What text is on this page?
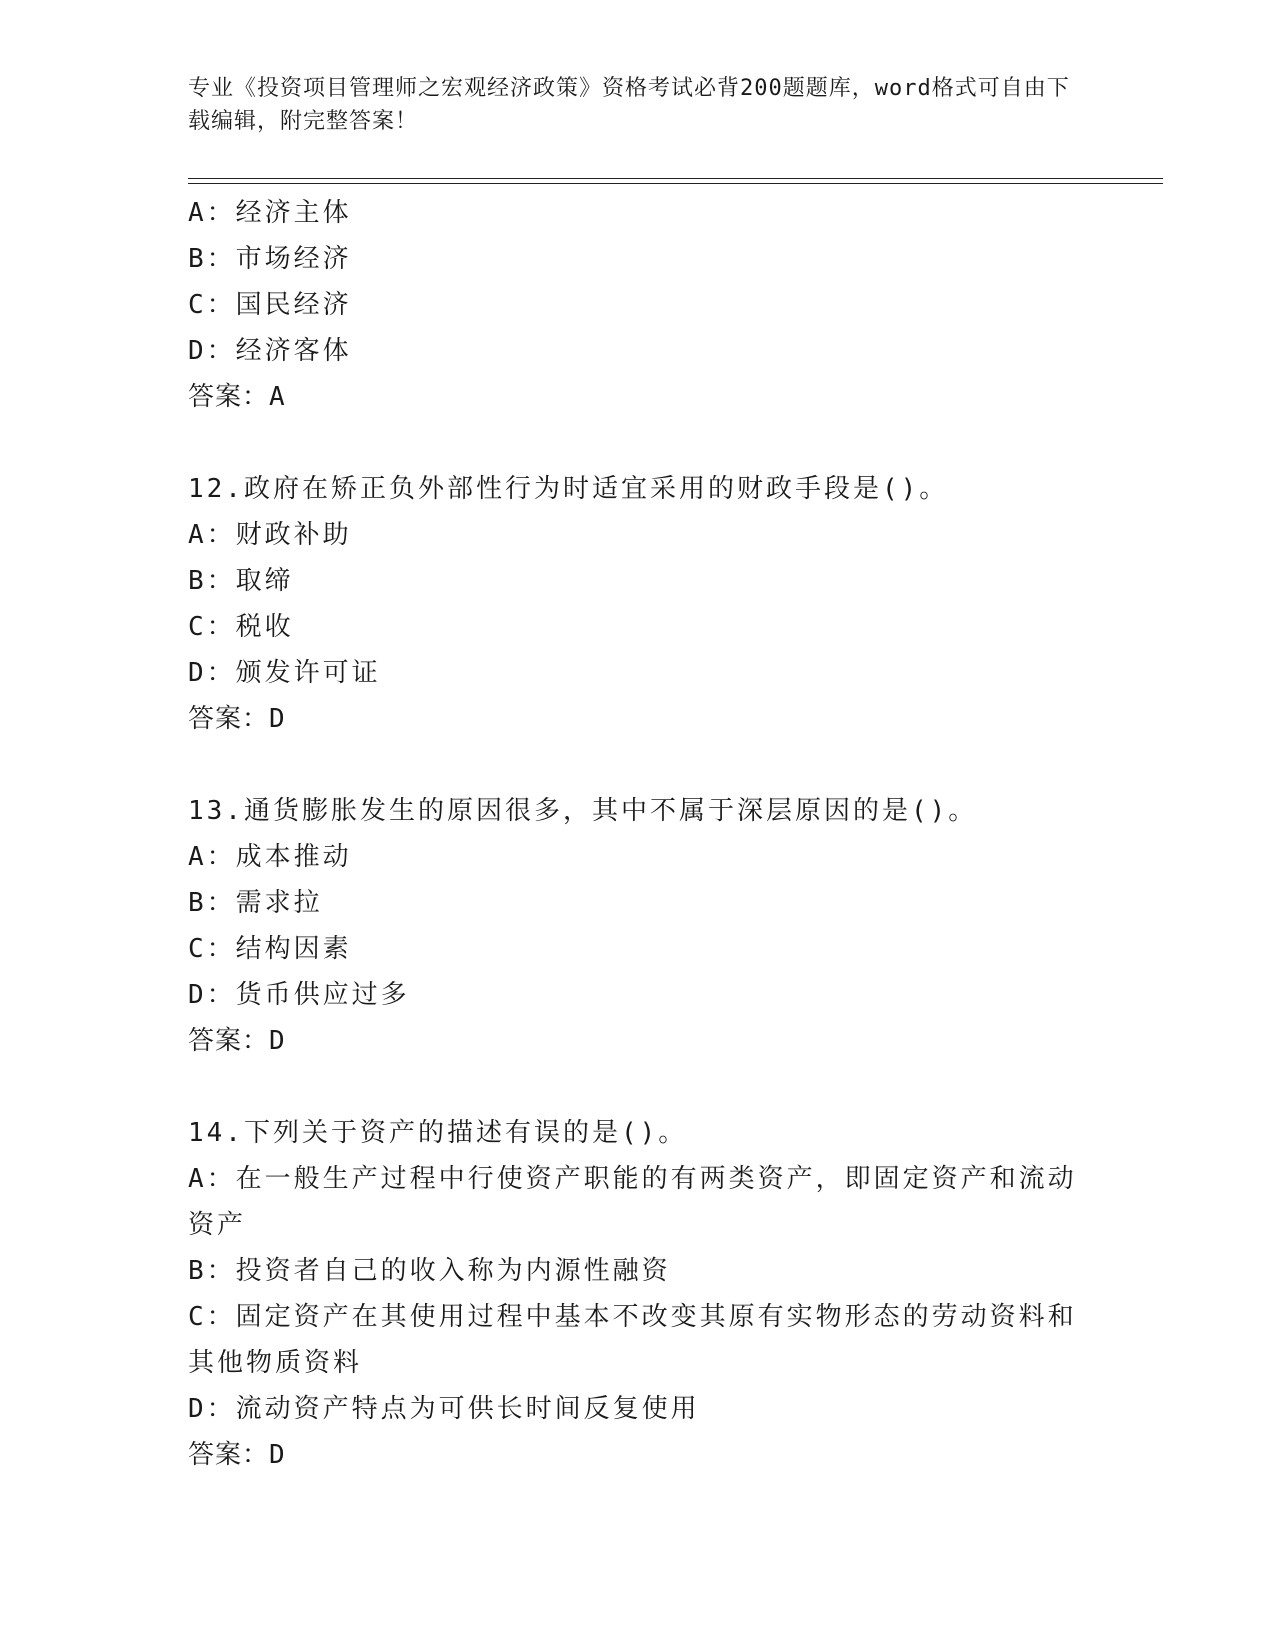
专业《投资项目管理师之宏观经济政策》资格考试必背200题题库，word格式可自由下载编辑，附完整答案！
A：经济主体
B：市场经济
C：国民经济
D：经济客体
答案：A
12.政府在矫正负外部性行为时适宜采用的财政手段是()。
A：财政补助
B：取缔
C：税收
D：颁发许可证
答案：D
13.通货膨胀发生的原因很多，其中不属于深层原因的是()。
A：成本推动
B：需求拉
C：结构因素
D：货币供应过多
答案：D
14.下列关于资产的描述有误的是()。
A：在一般生产过程中行使资产职能的有两类资产，即固定资产和流动资产
B：投资者自己的收入称为内源性融资
C：固定资产在其使用过程中基本不改变其原有实物形态的劳动资料和其他物质资料
D：流动资产特点为可供长时间反复使用
答案：D
